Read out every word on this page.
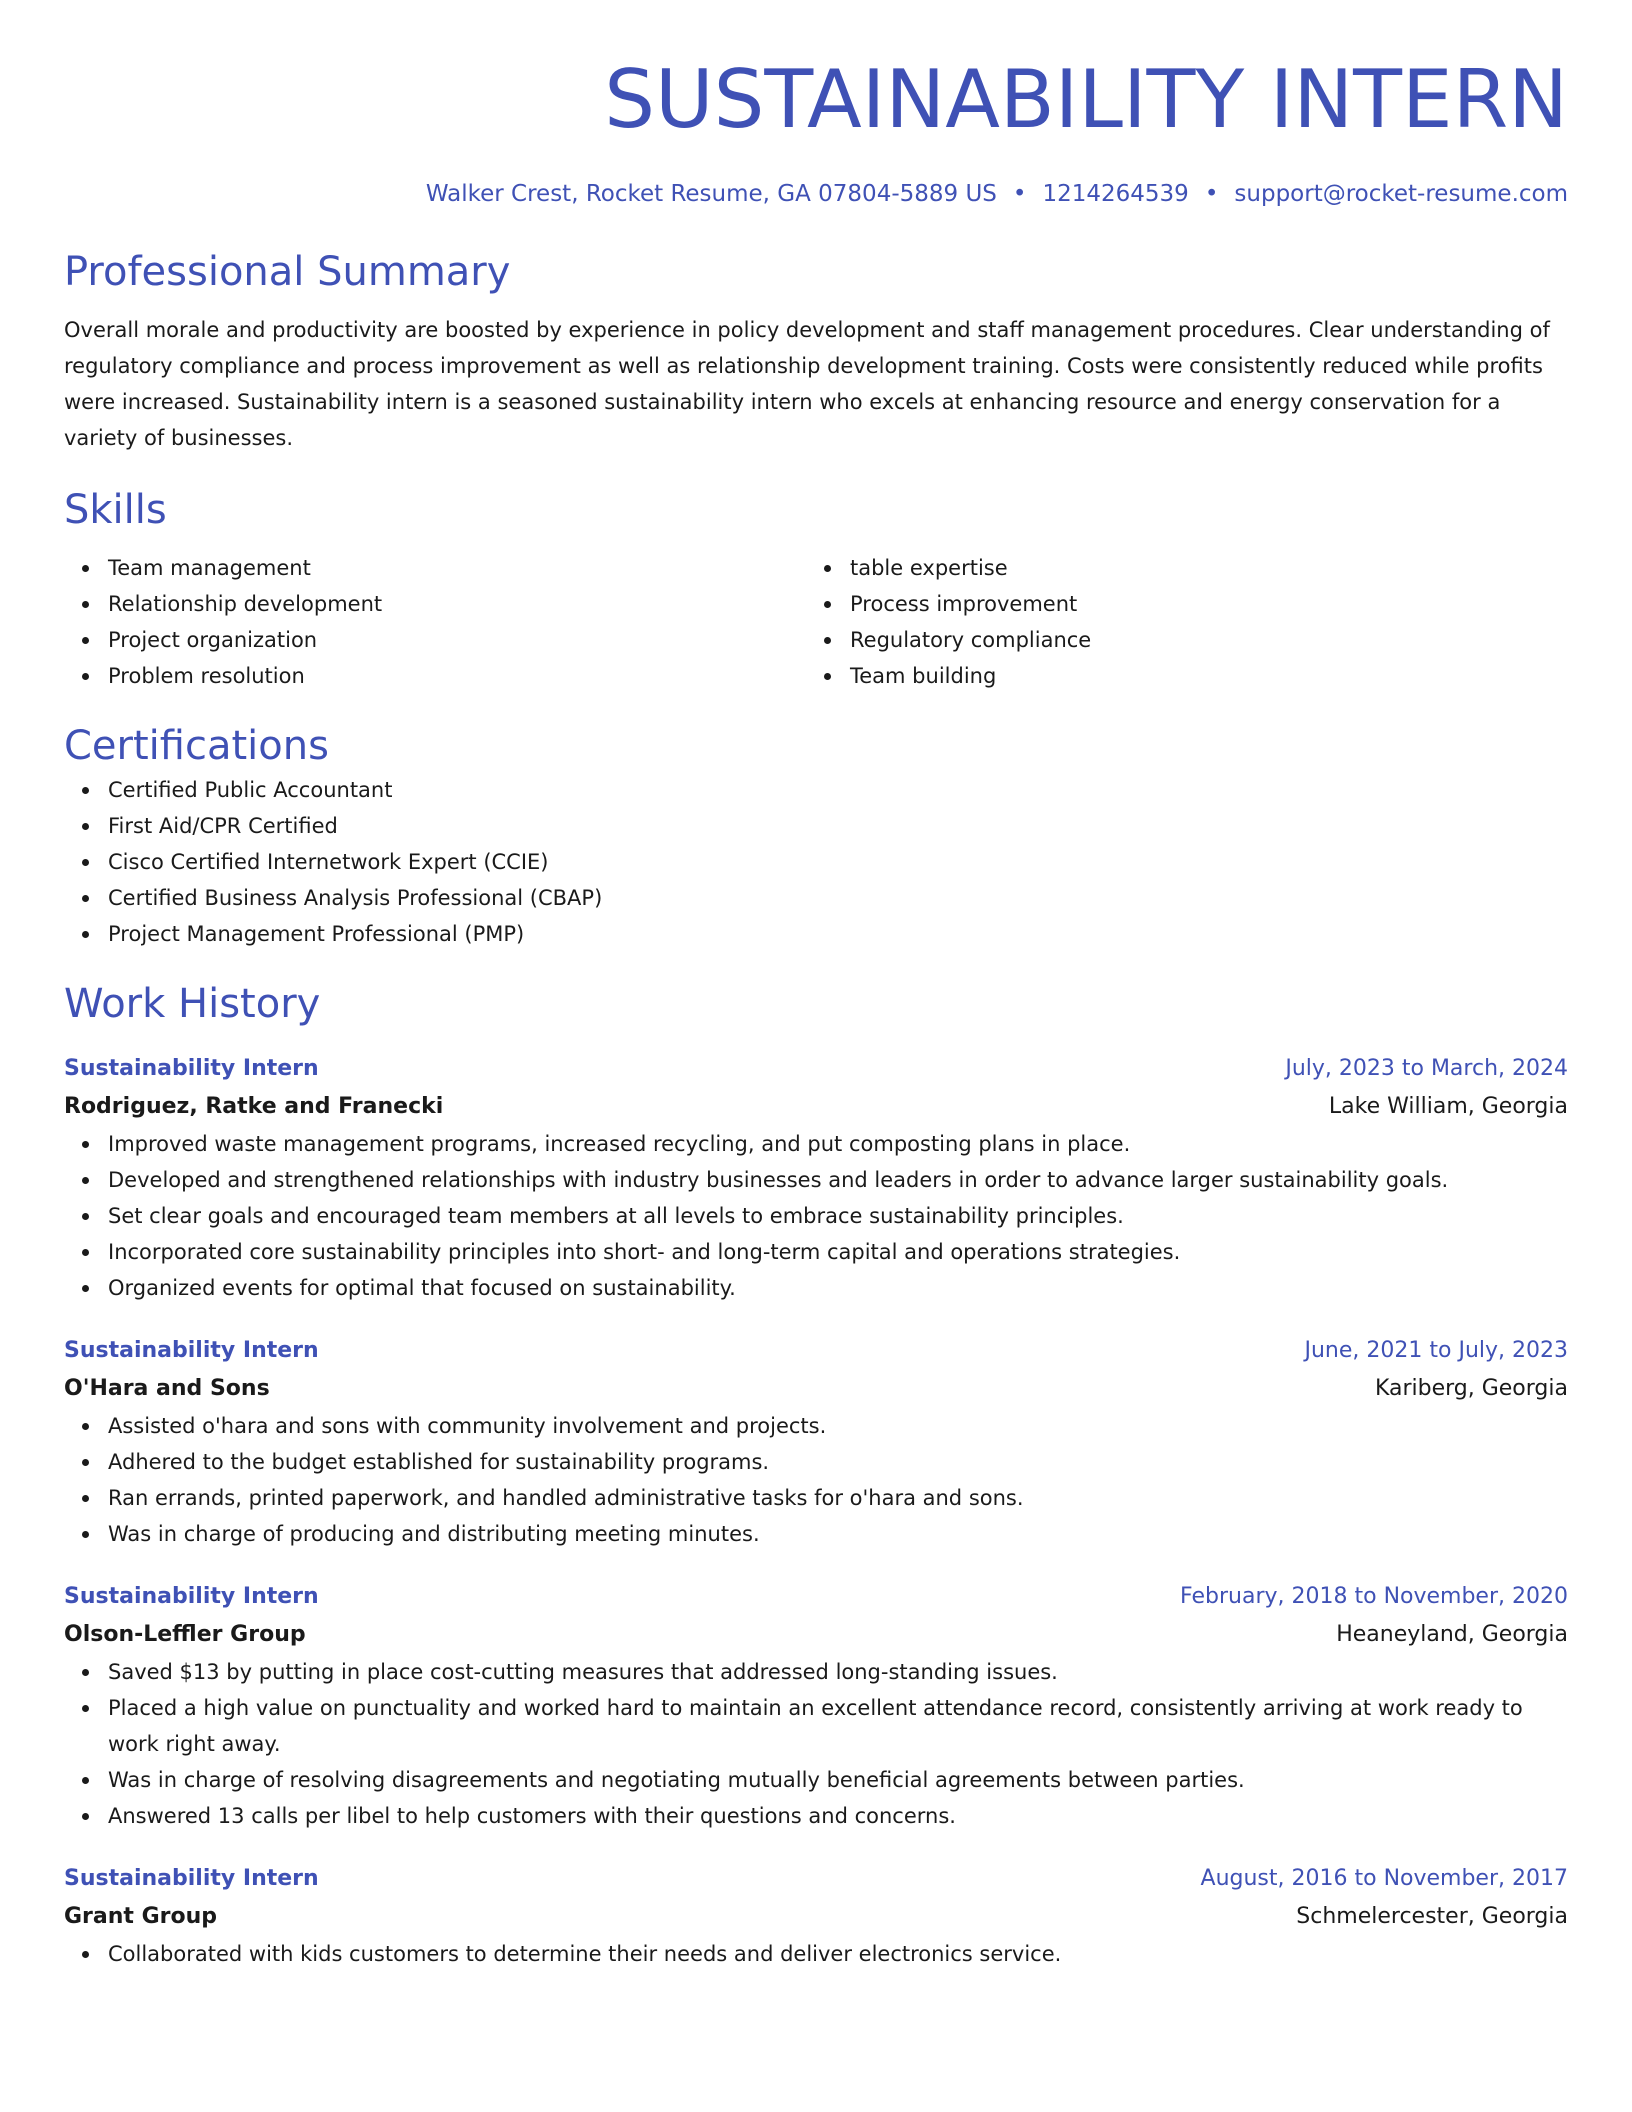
SUSTAINABILITY INTERN
Walker Crest, Rocket Resume, GA 07804-5889 US • 1214264539 • support@rocket-resume.com
Professional Summary

Overall morale and productivity are boosted by experience in policy development and staff management procedures. Clear understanding of regulatory compliance and process improvement as well as relationship development training. Costs were consistently reduced while profits were increased. Sustainability intern is a seasoned sustainability intern who excels at enhancing resource and energy conservation for a variety of businesses.

Skills
Team management
Relationship development
Project organization
Problem resolution
table expertise
Process improvement
Regulatory compliance
Team building
Certifications
Certified Public Accountant
First Aid/CPR Certified
Cisco Certified Internetwork Expert (CCIE)
Certified Business Analysis Professional (CBAP)
Project Management Professional (PMP)
Work History
Sustainability Intern	July, 2023 to March, 2024
Rodriguez, Ratke and Franecki	Lake William, Georgia
Improved waste management programs, increased recycling, and put composting plans in place.
Developed and strengthened relationships with industry businesses and leaders in order to advance larger sustainability goals.
Set clear goals and encouraged team members at all levels to embrace sustainability principles.
Incorporated core sustainability principles into short- and long-term capital and operations strategies.
Organized events for optimal that focused on sustainability.
Sustainability Intern	June, 2021 to July, 2023
O'Hara and Sons	Kariberg, Georgia
Assisted o'hara and sons with community involvement and projects.
Adhered to the budget established for sustainability programs.
Ran errands, printed paperwork, and handled administrative tasks for o'hara and sons.
Was in charge of producing and distributing meeting minutes.
Sustainability Intern	February, 2018 to November, 2020
Olson-Leffler Group	Heaneyland, Georgia
Saved $13 by putting in place cost-cutting measures that addressed long-standing issues.
Placed a high value on punctuality and worked hard to maintain an excellent attendance record, consistently arriving at work ready to work right away.
Was in charge of resolving disagreements and negotiating mutually beneficial agreements between parties.
Answered 13 calls per libel to help customers with their questions and concerns.
Sustainability Intern	August, 2016 to November, 2017
Grant Group	Schmelercester, Georgia
Collaborated with kids customers to determine their needs and deliver electronics service.
